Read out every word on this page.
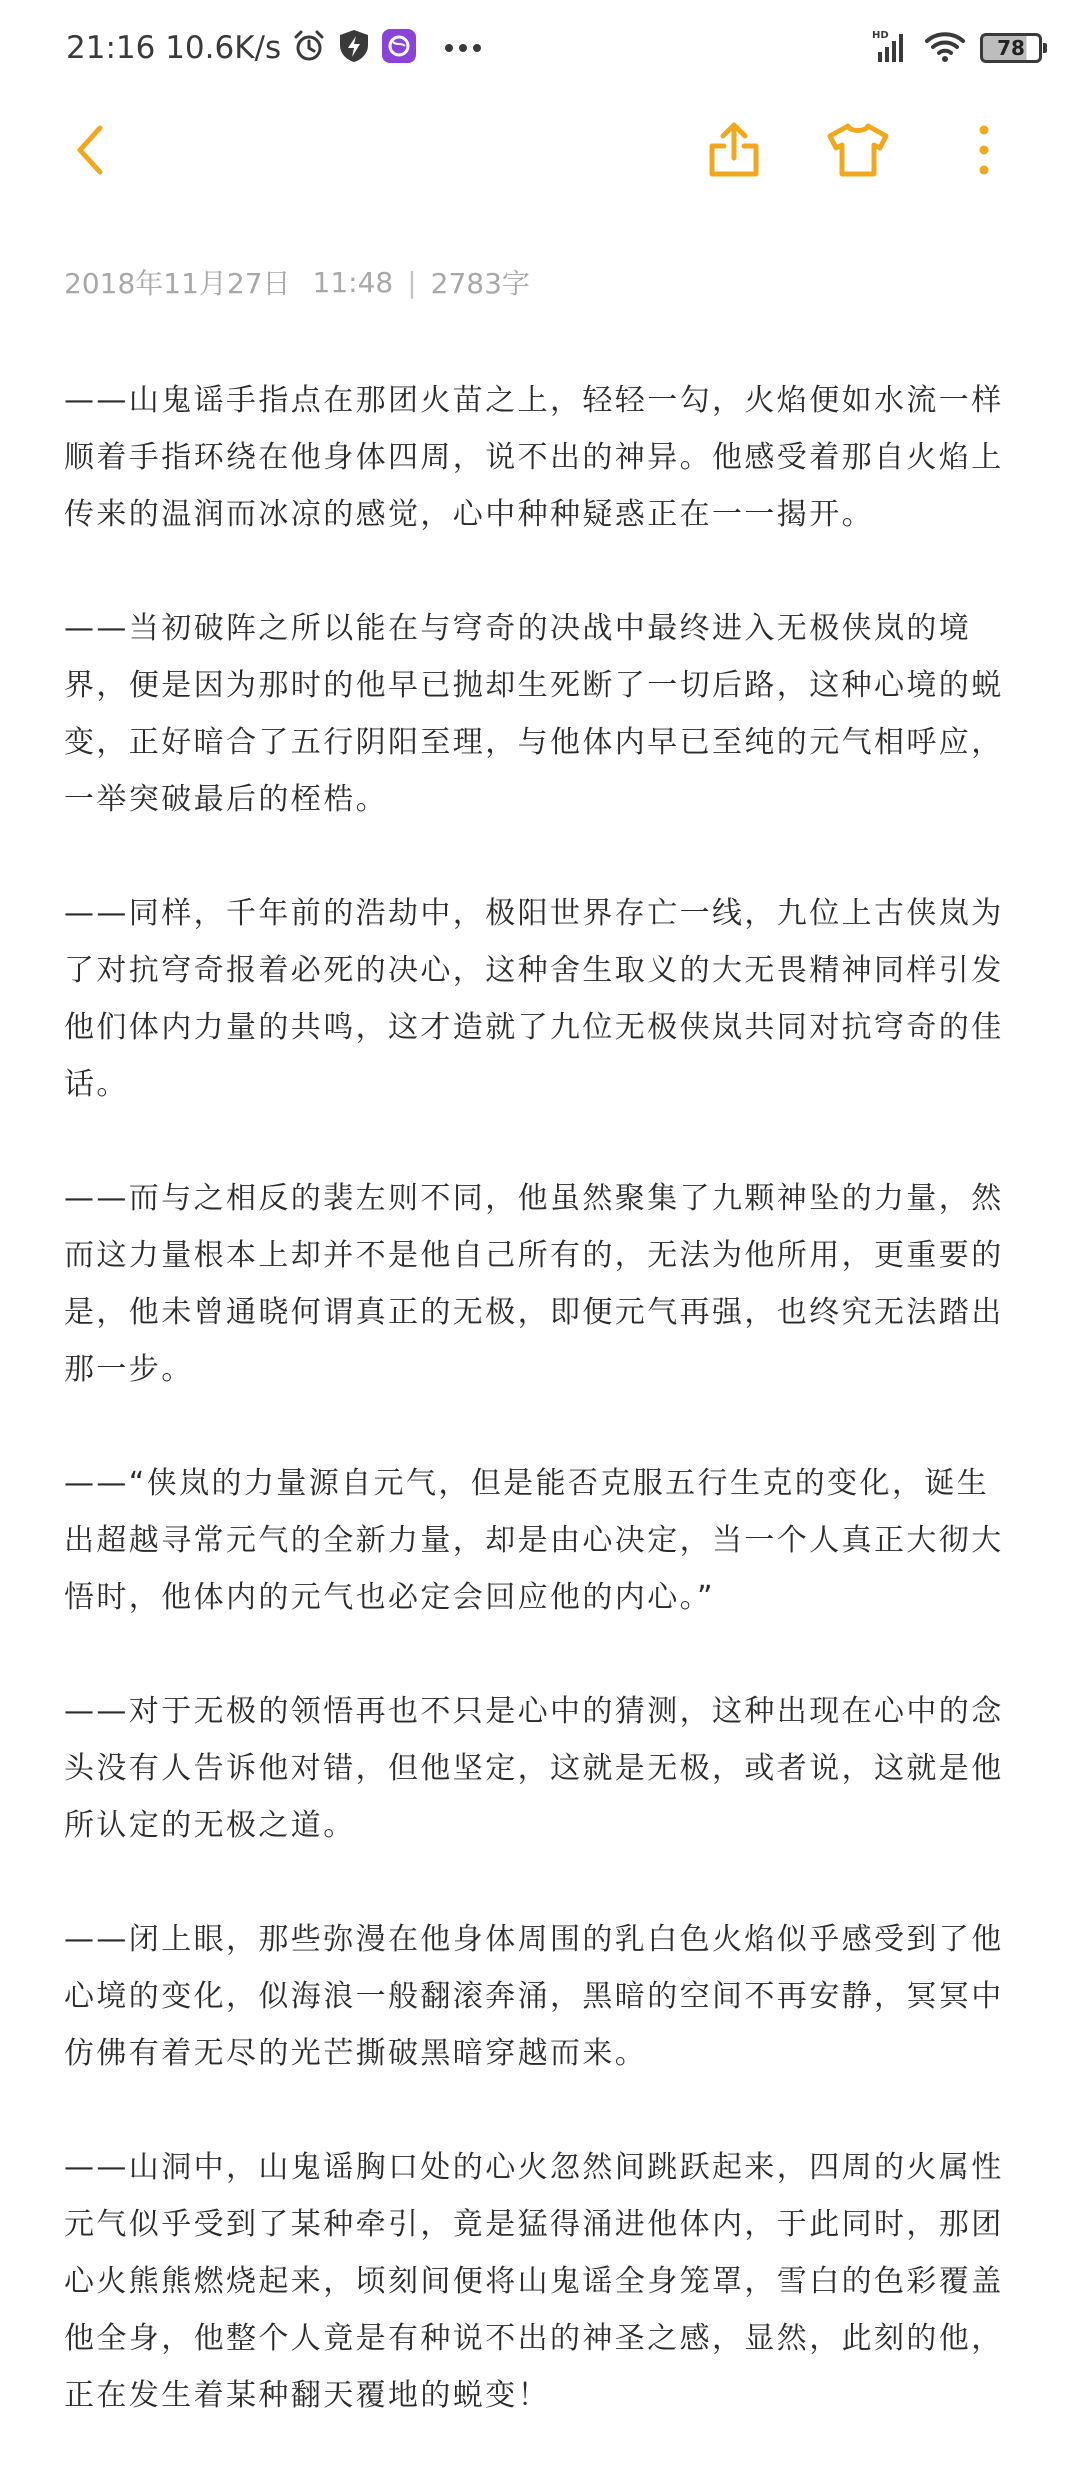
21:16 10.6K/s	HD
78
2018年11月27日 11:48 | 2783字

——山鬼谣手指点在那团火苗之上，轻轻一勾，火焰便如水流一样顺着手指环绕在他身体四周，说不出的神异。他感受着那自火焰上传来的温润而冰凉的感觉，心中种种疑惑正在一一揭开。

——当初破阵之所以能在与穹奇的决战中最终进入无极侠岚的境界，便是因为那时的他早已抛却生死断了一切后路，这种心境的蜕变，正好暗合了五行阴阳至理，与他体内早已至纯的元气相呼应，一举突破最后的桎梏。

——同样，千年前的浩劫中，极阳世界存亡一线，九位上古侠岚为了对抗穹奇报着必死的决心，这种舍生取义的大无畏精神同样引发他们体内力量的共鸣，这才造就了九位无极侠岚共同对抗穹奇的佳话。

——而与之相反的裴左则不同，他虽然聚集了九颗神坠的力量，然而这力量根本上却并不是他自己所有的，无法为他所用，更重要的是，他未曾通晓何谓真正的无极，即便元气再强，也终究无法踏出那一步。

——“侠岚的力量源自元气，但是能否克服五行生克的变化，诞生出超越寻常元气的全新力量，却是由心决定，当一个人真正大彻大悟时，他体内的元气也必定会回应他的内心。”

——对于无极的领悟再也不只是心中的猜测，这种出现在心中的念头没有人告诉他对错，但他坚定，这就是无极，或者说，这就是他所认定的无极之道。

——闭上眼，那些弥漫在他身体周围的乳白色火焰似乎感受到了他心境的变化，似海浪一般翻滚奔涌，黑暗的空间不再安静，冥冥中仿佛有着无尽的光芒撕破黑暗穿越而来。

——山洞中，山鬼谣胸口处的心火忽然间跳跃起来，四周的火属性元气似乎受到了某种牵引，竟是猛得涌进他体内，于此同时，那团心火熊熊燃烧起来，顷刻间便将山鬼谣全身笼罩，雪白的色彩覆盖他全身，他整个人竟是有种说不出的神圣之感，显然，此刻的他，正在发生着某种翻天覆地的蜕变！
